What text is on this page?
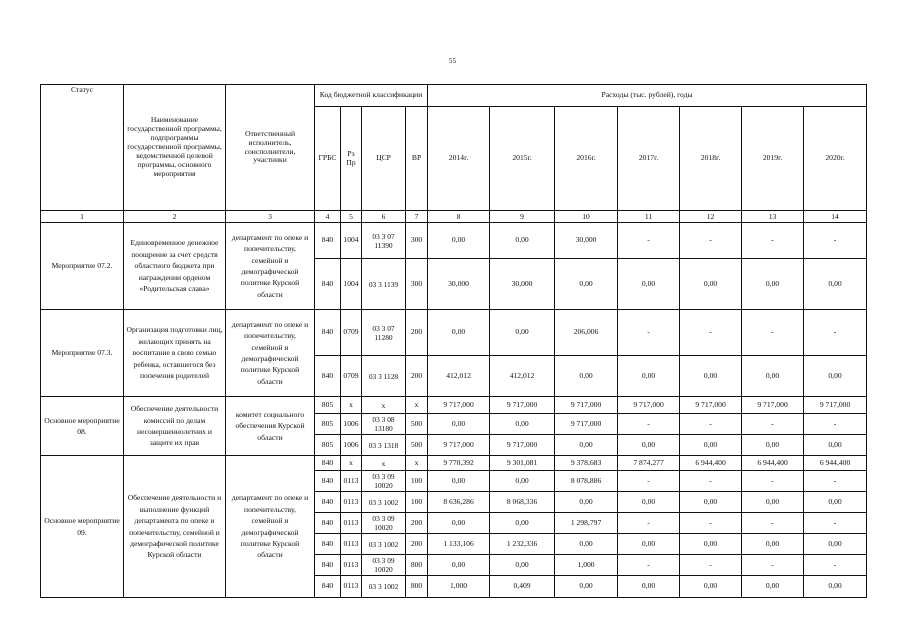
55
Статус	Наименование государственной программы, подпрограммы государственной программы, ведомственной целевой программы, основного мероприятия	Ответственный исполнитель, соисполнители, участники	Код бюджетной классификации				Расходы (тыс. рублей), годы						
			ГРБС	Рз Пр	ЦСР	ВР	2014г.	2015г.	2016г.	2017г.	2018г.	2019г.	2020г.
1	2	3	4	5	6	7	8	9	10	11	12	13	14
Мероприятие 07.2.	Единовременное денежное поощрение за счет средств областного бюджета при награждении орденом «Родительская слава»	департамент по опеке и попечительству, семейной и демографической политике Курской области	840	1004	03 3 07 11390	300	0,00	0,00	30,000	-	-	-	-
			840	1004	03 3 1139	300	30,000	30,000	0,00	0,00	0,00	0,00	0,00
Мероприятие 07.3.	Организация подготовки лиц, желающих принять на воспитание в свою семью ребенка, оставшегося без попечения родителей	департамент по опеке и попечительству, семейной и демографической политике Курской области	840	0709	03 3 07 11280	200	0,00	0,00	206,006	-	-	-	-
			840	0709	03 3 1128	200	412,012	412,012	0,00	0,00	0,00	0,00	0,00
Основное мероприятие 08.	Обеспечение деятельности комиссий по делам несовершеннолетних и защите их прав	комитет социального обеспечения Курской области	805	х	х	х	9 717,000	9 717,000	9 717,000	9 717,000	9 717,000	9 717,000	9 717,000
			805	1006	03 3 08 13180	500	0,00	0,00	9 717,000	-	-	-	-
			805	1006	03 3 1318	500	9 717,000	9 717,000	0,00	0,00	0,00	0,00	0,00
Основное мероприятие 09.	Обеспечение деятельности и выполнение функций департамента по опеке и попечительству, семейной и демографической политике Курской области	департамент по опеке и попечительству, семейной и демографической политике Курской области	840	х	х	х	9 770,392	9 301,081	9 378,683	7 874,277	6 944,400	6 944,400	6 944,400
			840	0113	03 3 09 10020	100	0,00	0,00	8 078,886	-	-	-	-
			840	0113	03 3 1002	100	8 636,286	8 068,336	0,00	0,00	0,00	0,00	0,00
			840	0113	03 3 09 10020	200	0,00	0,00	1 298,797	-	-	-	-
			840	0113	03 3 1002	200	1 133,106	1 232,336	0,00	0,00	0,00	0,00	0,00
			840	0113	03 3 09 10020	800	0,00	0,00	1,000	-	-	-	-
			840	0113	03 3 1002	800	1,000	0,409	0,00	0,00	0,00	0,00	0,00
